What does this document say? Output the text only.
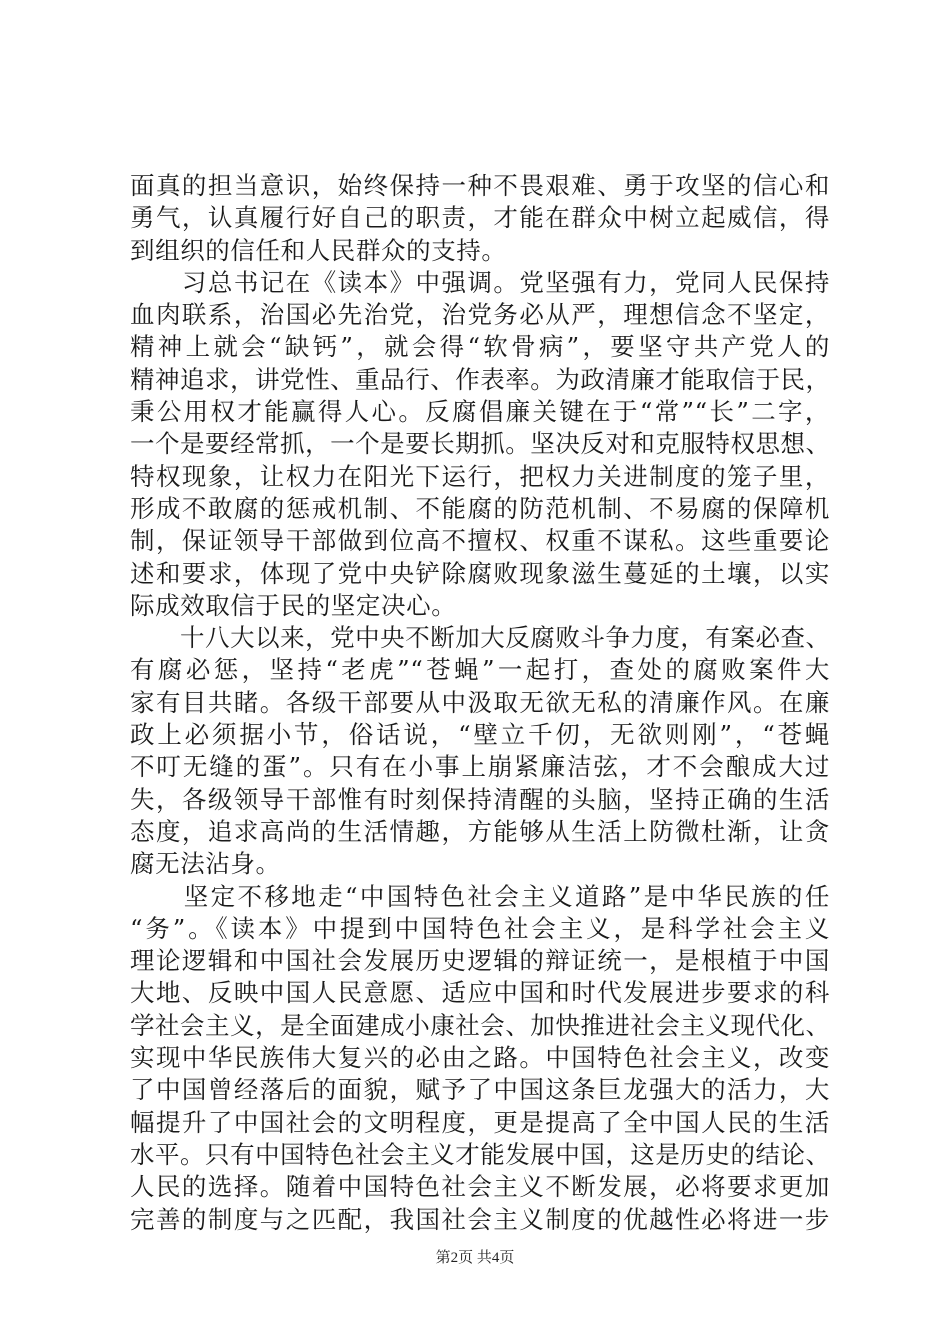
面真的担当意识，始终保持一种不畏艰难、勇于攻坚的信心和
勇气，认真履行好自己的职责，才能在群众中树立起威信，得
到组织的信任和人民群众的支持。
　　习总书记在《读本》中强调。党坚强有力，党同人民保持
血肉联系，治国必先治党，治党务必从严，理想信念不坚定，
精神上就会“缺钙”，就会得“软骨病”，要坚守共产党人的
精神追求，讲党性、重品行、作表率。为政清廉才能取信于民，
秉公用权才能赢得人心。反腐倡廉关键在于“常”“长”二字，
一个是要经常抓，一个是要长期抓。坚决反对和克服特权思想、
特权现象，让权力在阳光下运行，把权力关进制度的笼子里，
形成不敢腐的惩戒机制、不能腐的防范机制、不易腐的保障机
制，保证领导干部做到位高不擅权、权重不谋私。这些重要论
述和要求，体现了党中央铲除腐败现象滋生蔓延的土壤，以实
际成效取信于民的坚定决心。
　　十八大以来，党中央不断加大反腐败斗争力度，有案必查、
有腐必惩，坚持“老虎”“苍蝇”一起打，查处的腐败案件大
家有目共睹。各级干部要从中汲取无欲无私的清廉作风。在廉
政上必须据小节，俗话说，“壁立千仞，无欲则刚”，“苍蝇
不叮无缝的蛋”。只有在小事上崩紧廉洁弦，才不会酿成大过
失，各级领导干部惟有时刻保持清醒的头脑，坚持正确的生活
态度，追求高尚的生活情趣，方能够从生活上防微杜渐，让贪
腐无法沾身。
　　坚定不移地走“中国特色社会主义道路”是中华民族的任
“务”。《读本》中提到中国特色社会主义，是科学社会主义
理论逻辑和中国社会发展历史逻辑的辩证统一，是根植于中国
大地、反映中国人民意愿、适应中国和时代发展进步要求的科
学社会主义，是全面建成小康社会、加快推进社会主义现代化、
实现中华民族伟大复兴的必由之路。中国特色社会主义，改变
了中国曾经落后的面貌，赋予了中国这条巨龙强大的活力，大
幅提升了中国社会的文明程度，更是提高了全中国人民的生活
水平。只有中国特色社会主义才能发展中国，这是历史的结论、
人民的选择。随着中国特色社会主义不断发展，必将要求更加
完善的制度与之匹配，我国社会主义制度的优越性必将进一步
第2页 共4页
